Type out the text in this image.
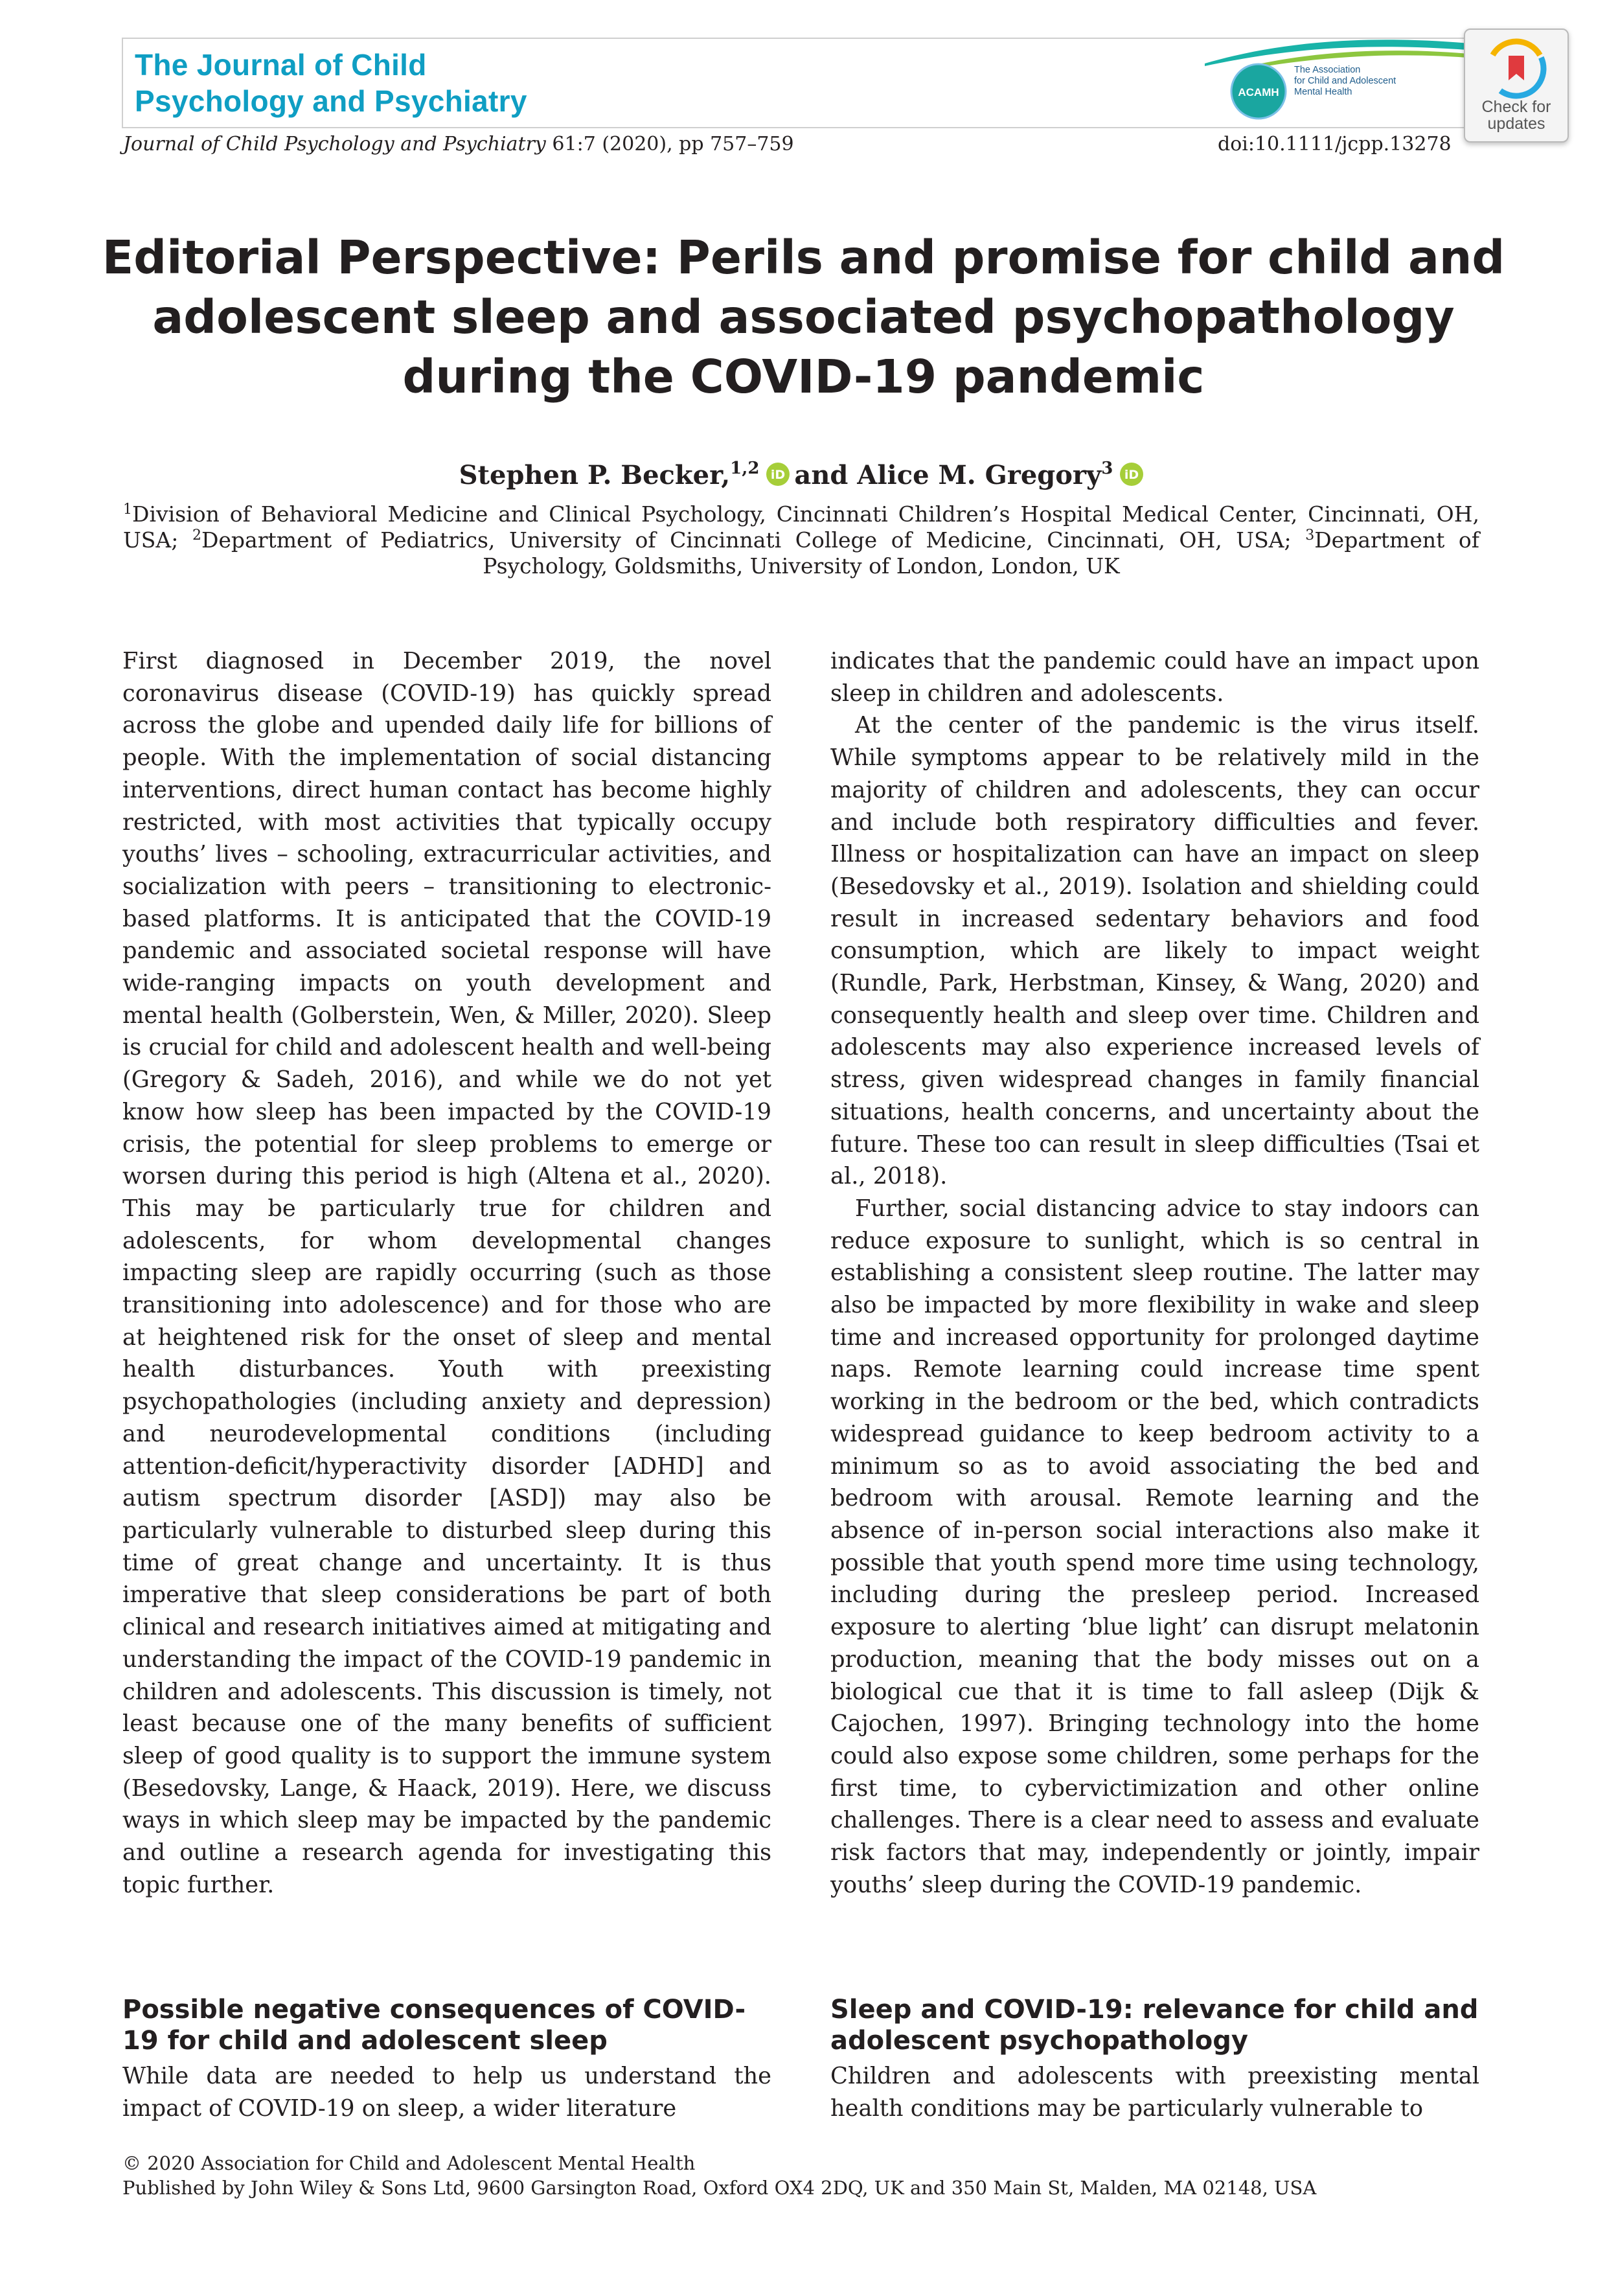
The Journal of Child
Psychology and Psychiatry	ACAMH
The Association
for Child and Adolescent
Mental Health
Check for
updates

Journal of Child Psychology and Psychiatry 61:7 (2020), pp 757–759	doi:10.1111/jcpp.13278

Editorial Perspective: Perils and promise for child and
adolescent sleep and associated psychopathology
during the COVID-19 pandemic

Stephen P. Becker,$^{1,2}$ iD and Alice M. Gregory$^3$ iD

$^1$Division of Behavioral Medicine and Clinical Psychology, Cincinnati Children’s Hospital Medical Center, Cincinnati, OH, USA; $^2$Department of Pediatrics, University of Cincinnati College of Medicine, Cincinnati, OH, USA; $^3$Department of Psychology, Goldsmiths, University of London, London, UK

First diagnosed in December 2019, the novel coronavirus disease (COVID-19) has quickly spread across the globe and upended daily life for billions of people. With the implementation of social distancing interventions, direct human contact has become highly restricted, with most activities that typically occupy youths’ lives – schooling, extracurricular activities, and socialization with peers – transitioning to electronic-based platforms. It is anticipated that the COVID-19 pandemic and associated societal response will have wide-ranging impacts on youth development and mental health (Golberstein, Wen, & Miller, 2020). Sleep is crucial for child and adolescent health and well-being (Gregory & Sadeh, 2016), and while we do not yet know how sleep has been impacted by the COVID-19 crisis, the potential for sleep problems to emerge or worsen during this period is high (Altena et al., 2020). This may be particularly true for children and adolescents, for whom developmental changes impacting sleep are rapidly occurring (such as those transitioning into adolescence) and for those who are at heightened risk for the onset of sleep and mental health disturbances. Youth with preexisting psychopathologies (including anxiety and depression) and neurodevelopmental conditions (including attention-deficit/hyperactivity disorder [ADHD] and autism spectrum disorder [ASD]) may also be particularly vulnerable to disturbed sleep during this time of great change and uncertainty. It is thus imperative that sleep considerations be part of both clinical and research initiatives aimed at mitigating and understanding the impact of the COVID-19 pandemic in children and adolescents. This discussion is timely, not least because one of the many benefits of sufficient sleep of good quality is to support the immune system (Besedovsky, Lange, & Haack, 2019). Here, we discuss ways in which sleep may be impacted by the pandemic and outline a research agenda for investigating this topic further.

indicates that the pandemic could have an impact upon sleep in children and adolescents.

At the center of the pandemic is the virus itself. While symptoms appear to be relatively mild in the majority of children and adolescents, they can occur and include both respiratory difficulties and fever. Illness or hospitalization can have an impact on sleep (Besedovsky et al., 2019). Isolation and shielding could result in increased sedentary behaviors and food consumption, which are likely to impact weight (Rundle, Park, Herbstman, Kinsey, & Wang, 2020) and consequently health and sleep over time. Children and adolescents may also experience increased levels of stress, given widespread changes in family financial situations, health concerns, and uncertainty about the future. These too can result in sleep difficulties (Tsai et al., 2018).

Further, social distancing advice to stay indoors can reduce exposure to sunlight, which is so central in establishing a consistent sleep routine. The latter may also be impacted by more flexibility in wake and sleep time and increased opportunity for prolonged daytime naps. Remote learning could increase time spent working in the bedroom or the bed, which contradicts widespread guidance to keep bedroom activity to a minimum so as to avoid associating the bed and bedroom with arousal. Remote learning and the absence of in-person social interactions also make it possible that youth spend more time using technology, including during the presleep period. Increased exposure to alerting ‘blue light’ can disrupt melatonin production, meaning that the body misses out on a biological cue that it is time to fall asleep (Dijk & Cajochen, 1997). Bringing technology into the home could also expose some children, some perhaps for the first time, to cybervictimization and other online challenges. There is a clear need to assess and evaluate risk factors that may, independently or jointly, impair youths’ sleep during the COVID-19 pandemic.

Possible negative consequences of COVID-19 for child and adolescent sleep

While data are needed to help us understand the impact of COVID-19 on sleep, a wider literature

Sleep and COVID-19: relevance for child and adolescent psychopathology

Children and adolescents with preexisting mental health conditions may be particularly vulnerable to

© 2020 Association for Child and Adolescent Mental Health

Published by John Wiley & Sons Ltd, 9600 Garsington Road, Oxford OX4 2DQ, UK and 350 Main St, Malden, MA 02148, USA
